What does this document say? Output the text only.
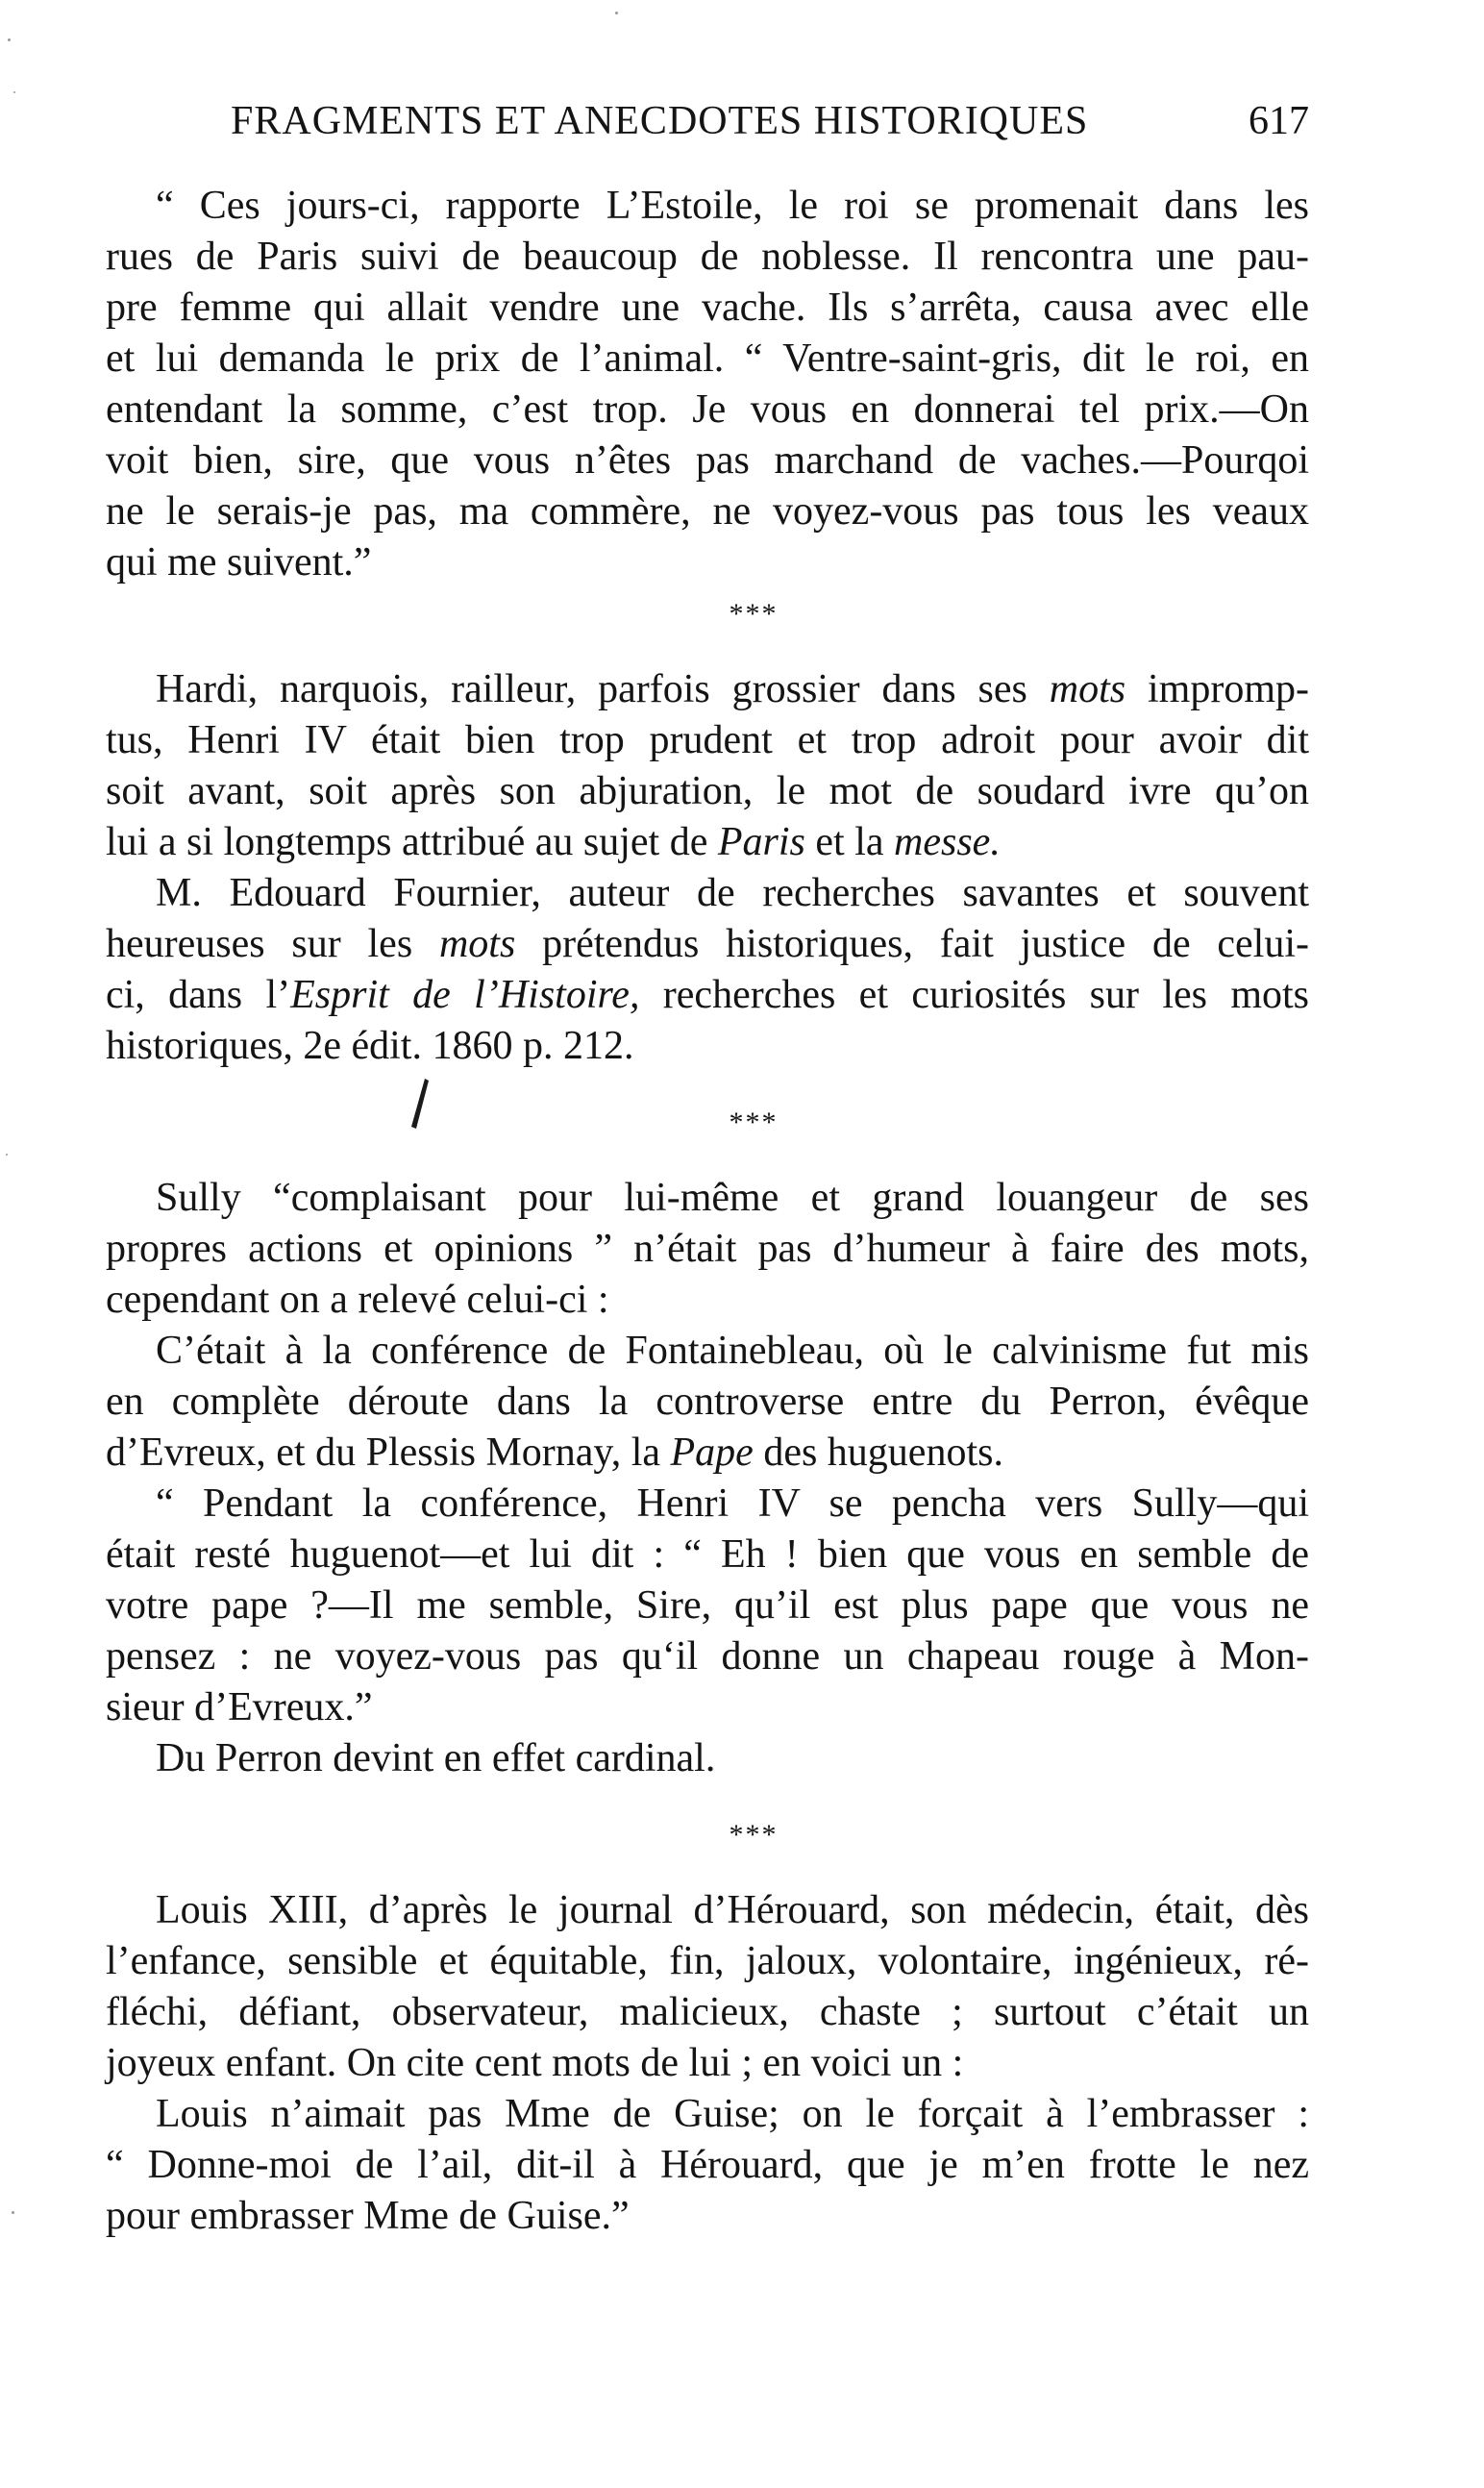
FRAGMENTS ET ANECDOTES HISTORIQUES	617
“ Ces jours-ci, rapporte L’Estoile, le roi se promenait dans les
rues de Paris suivi de beaucoup de noblesse. Il rencontra une pau-
pre femme qui allait vendre une vache. Ils s’arrêta, causa avec elle
et lui demanda le prix de l’animal. “ Ventre-saint-gris, dit le roi, en
entendant la somme, c’est trop. Je vous en donnerai tel prix.—On
voit bien, sire, que vous n’êtes pas marchand de vaches.—Pourqoi
ne le serais-je pas, ma commère, ne voyez-vous pas tous les veaux
qui me suivent.”
***
Hardi, narquois, railleur, parfois grossier dans ses mots impromp-
tus, Henri IV était bien trop prudent et trop adroit pour avoir dit
soit avant, soit après son abjuration, le mot de soudard ivre qu’on
lui a si longtemps attribué au sujet de Paris et la messe.
M. Edouard Fournier, auteur de recherches savantes et souvent
heureuses sur les mots prétendus historiques, fait justice de celui-
ci, dans l’Esprit de l’Histoire, recherches et curiosités sur les mots
historiques, 2e édit. 1860 p. 212.
***
Sully “complaisant pour lui-même et grand louangeur de ses
propres actions et opinions ” n’était pas d’humeur à faire des mots,
cependant on a relevé celui-ci :
C’était à la conférence de Fontainebleau, où le calvinisme fut mis
en complète déroute dans la controverse entre du Perron, évêque
d’Evreux, et du Plessis Mornay, la Pape des huguenots.
“ Pendant la conférence, Henri IV se pencha vers Sully—qui
était resté huguenot—et lui dit : “ Eh ! bien que vous en semble de
votre pape ?—Il me semble, Sire, qu’il est plus pape que vous ne
pensez : ne voyez-vous pas qu‘il donne un chapeau rouge à Mon-
sieur d’Evreux.”
Du Perron devint en effet cardinal.
***
Louis XIII, d’après le journal d’Hérouard, son médecin, était, dès
l’enfance, sensible et équitable, fin, jaloux, volontaire, ingénieux, ré-
fléchi, défiant, observateur, malicieux, chaste ; surtout c’était un
joyeux enfant. On cite cent mots de lui ; en voici un :
Louis n’aimait pas Mme de Guise; on le forçait à l’embrasser :
“ Donne-moi de l’ail, dit-il à Hérouard, que je m’en frotte le nez
pour embrasser Mme de Guise.”
